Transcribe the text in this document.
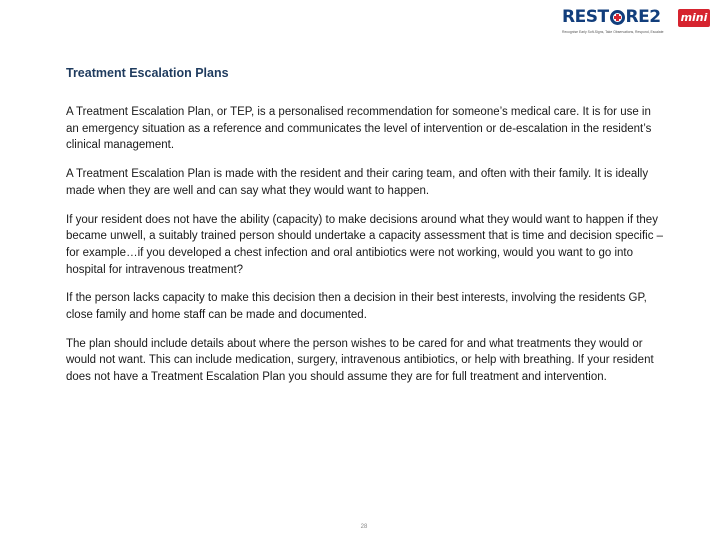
REST RE 2 mini
Recognise Early Soft-Signs, Take Observations, Respond, Escalate
Treatment Escalation Plans

A Treatment Escalation Plan, or TEP, is a personalised recommendation for someone’s medical care. It is for use in an emergency situation as a reference and communicates the level of intervention or de-escalation in the resident’s clinical management.

A Treatment Escalation Plan is made with the resident and their caring team, and often with their family. It is ideally made when they are well and can say what they would want to happen.

If your resident does not have the ability (capacity) to make decisions around what they would want to happen if they became unwell, a suitably trained person should undertake a capacity assessment that is time and decision specific – for example…if you developed a chest infection and oral antibiotics were not working, would you want to go into hospital for intravenous treatment?

If the person lacks capacity to make this decision then a decision in their best interests, involving the residents GP, close family and home staff can be made and documented.

The plan should include details about where the person wishes to be cared for and what treatments they would or would not want. This can include medication, surgery, intravenous antibiotics, or help with breathing. If your resident does not have a Treatment Escalation Plan you should assume they are for full treatment and intervention.

28
